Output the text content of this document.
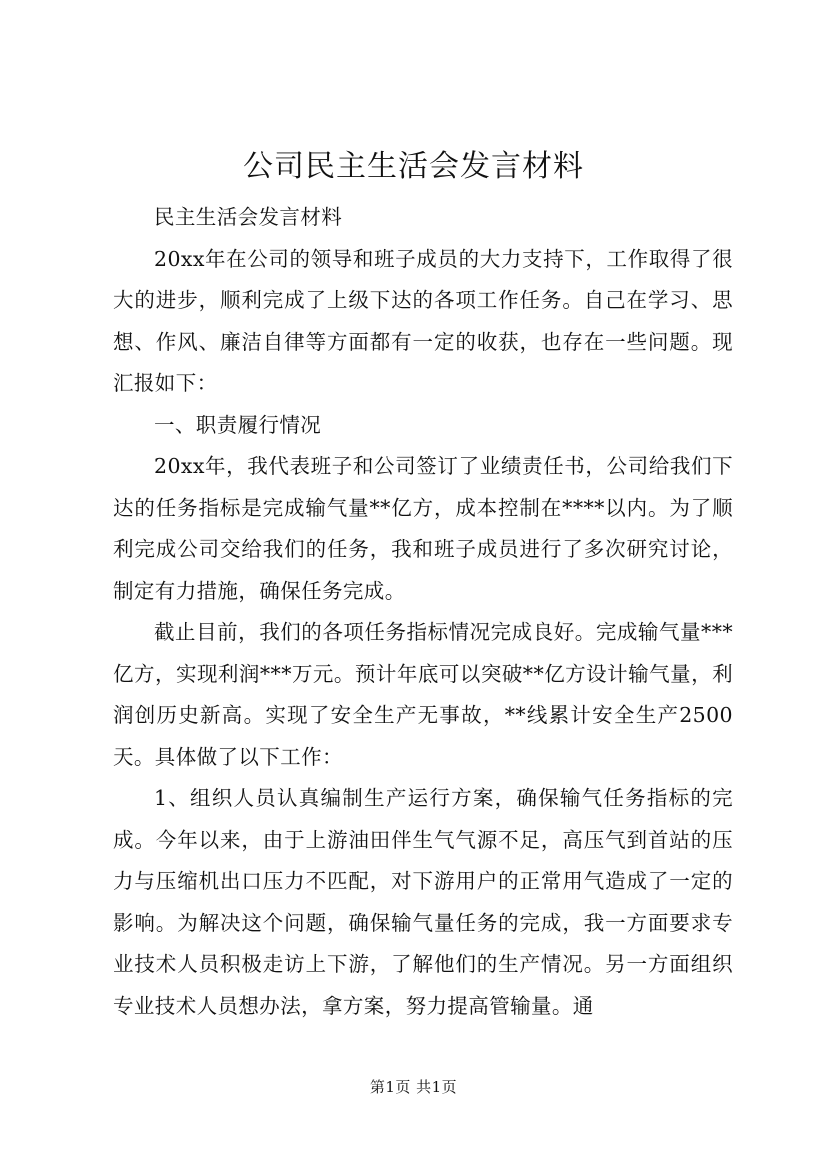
公司民主生活会发言材料

民主生活会发言材料

20xx年在公司的领导和班子成员的大力支持下，工作取得了很大的进步，顺利完成了上级下达的各项工作任务。自己在学习、思想、作风、廉洁自律等方面都有一定的收获，也存在一些问题。现汇报如下：

一、职责履行情况

20xx年，我代表班子和公司签订了业绩责任书，公司给我们下达的任务指标是完成输气量**亿方，成本控制在****以内。为了顺利完成公司交给我们的任务，我和班子成员进行了多次研究讨论，制定有力措施，确保任务完成。

截止目前，我们的各项任务指标情况完成良好。完成输气量***亿方，实现利润***万元。预计年底可以突破**亿方设计输气量，利润创历史新高。实现了安全生产无事故，**线累计安全生产2500天。具体做了以下工作：

1、组织人员认真编制生产运行方案，确保输气任务指标的完成。今年以来，由于上游油田伴生气气源不足，高压气到首站的压力与压缩机出口压力不匹配，对下游用户的正常用气造成了一定的影响。为解决这个问题，确保输气量任务的完成，我一方面要求专业技术人员积极走访上下游，了解他们的生产情况。另一方面组织专业技术人员想办法，拿方案，努力提高管输量。通

第1页 共1页
